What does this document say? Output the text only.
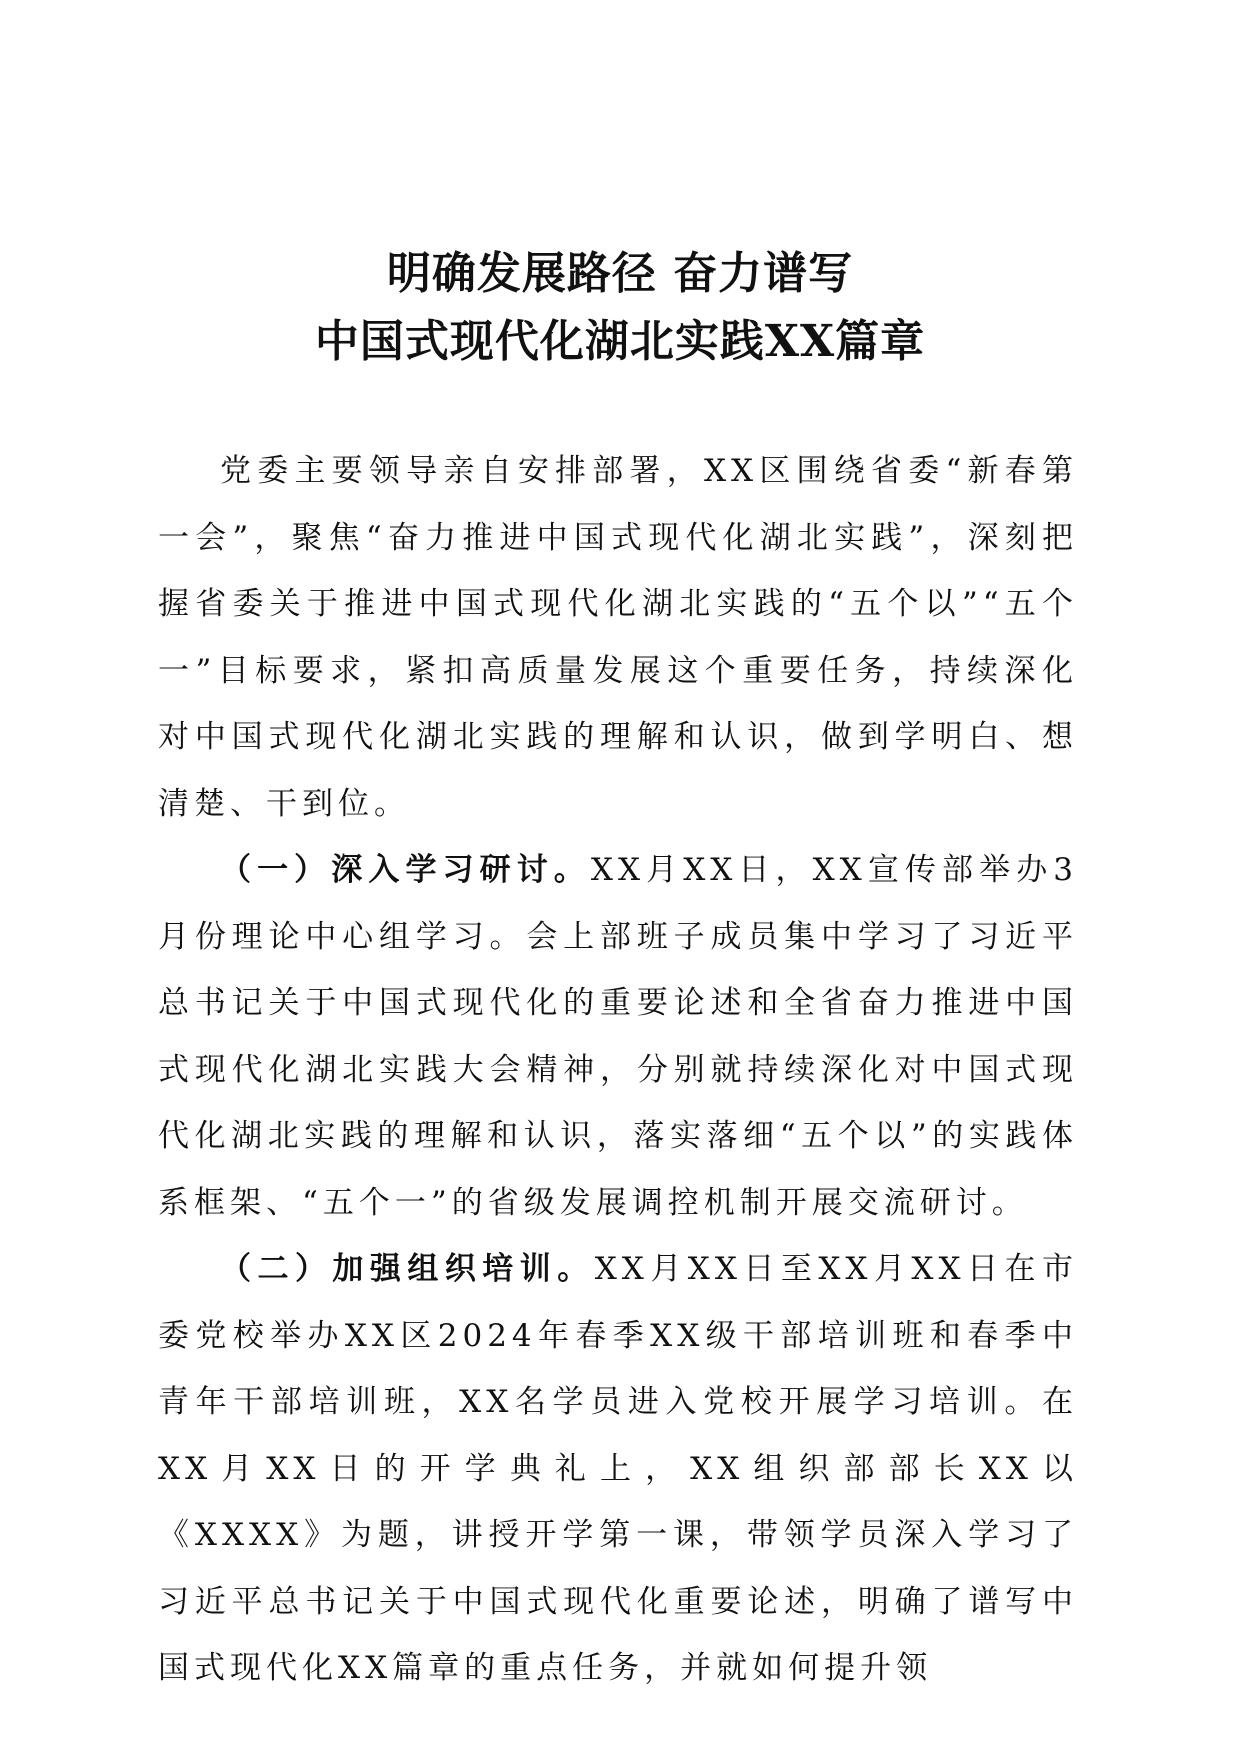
明确发展路径 奋力谱写
中国式现代化湖北实践XX篇章

党委主要领导亲自安排部署，XX区围绕省委“新春第一会”，聚焦“奋力推进中国式现代化湖北实践”，深刻把握省委关于推进中国式现代化湖北实践的“五个以”“五个一”目标要求，紧扣高质量发展这个重要任务，持续深化对中国式现代化湖北实践的理解和认识，做到学明白、想清楚、干到位。

（一）深入学习研讨。XX月XX日，XX宣传部举办3月份理论中心组学习。会上部班子成员集中学习了习近平总书记关于中国式现代化的重要论述和全省奋力推进中国式现代化湖北实践大会精神，分别就持续深化对中国式现代化湖北实践的理解和认识，落实落细“五个以”的实践体系框架、“五个一”的省级发展调控机制开展交流研讨。

（二）加强组织培训。XX月XX日至XX月XX日在市委党校举办XX区2024年春季XX级干部培训班和春季中青年干部培训班，XX名学员进入党校开展学习培训。在XX月XX日的开学典礼上，XX组织部部长XX以《XXXX》为题，讲授开学第一课，带领学员深入学习了习近平总书记关于中国式现代化重要论述，明确了谱写中国式现代化XX篇章的重点任务，并就如何提升领
